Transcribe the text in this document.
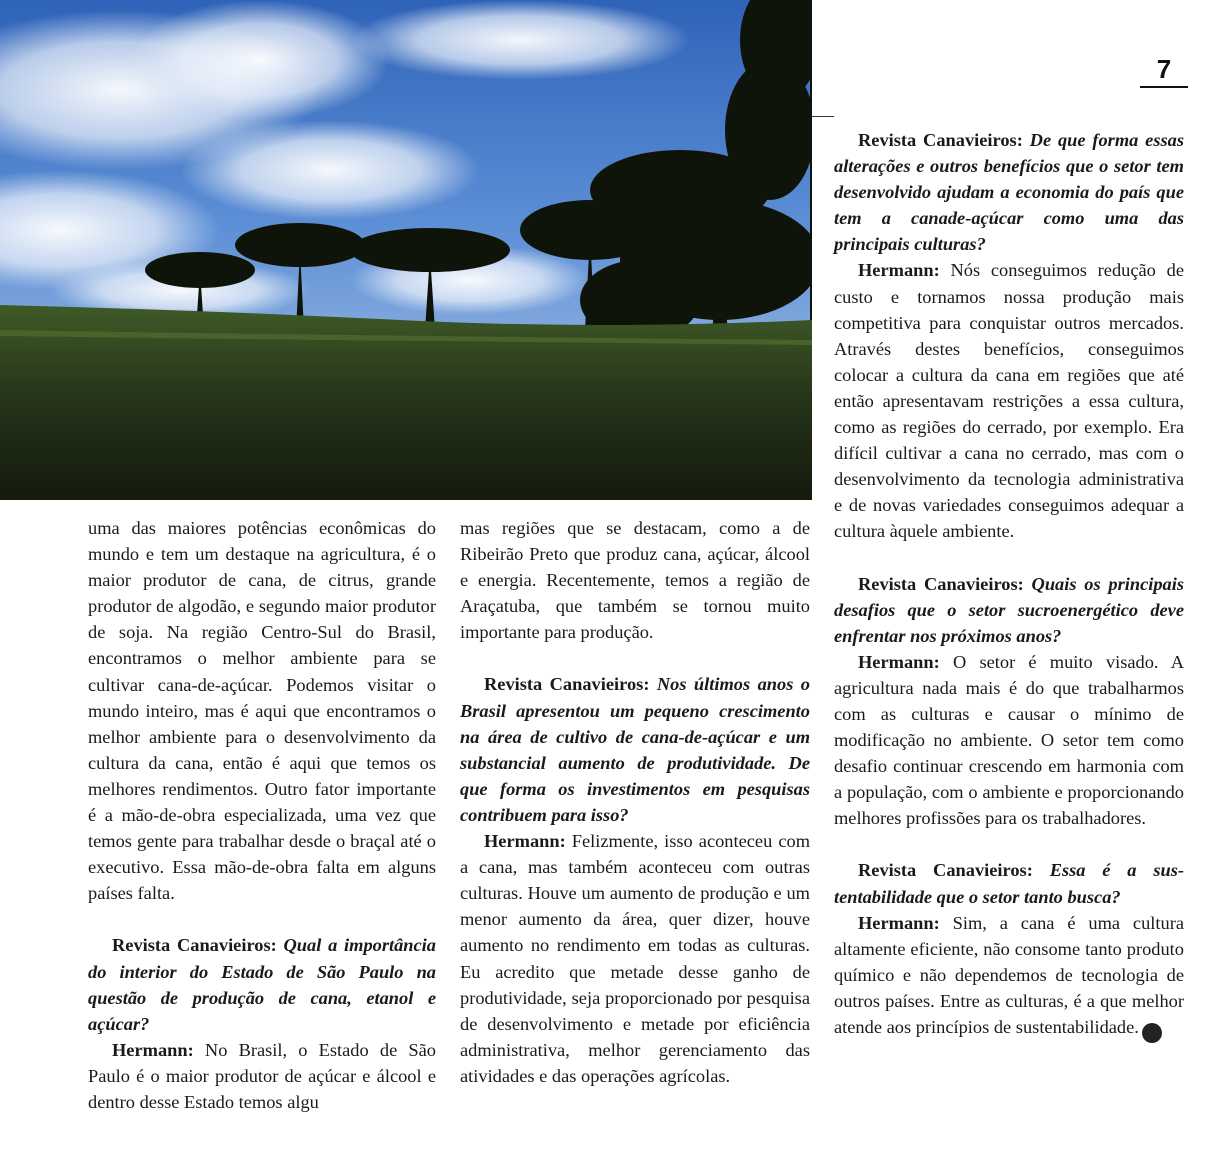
7

uma das maiores potências econômicas do mundo e tem um destaque na agricultura, é o maior produtor de cana, de citrus, grande produtor de algodão, e segundo maior produtor de soja. Na região Centro-Sul do Brasil, encontramos o melhor ambiente para se cultivar cana-de-açúcar. Podemos visitar o mundo inteiro, mas é aqui que encontramos o melhor ambiente para o desenvolvimento da cultura da cana, então é aqui que temos os melhores rendimentos. Outro fator importante é a mão-de-obra especializada, uma vez que temos gente para trabalhar desde o braçal até o executivo. Essa mão-de-obra falta em alguns países falta.

Revista Canavieiros: Qual a importância do interior do Estado de São Paulo na questão de produção de cana, etanol e açúcar?

Hermann: No Brasil, o Estado de São Paulo é o maior produtor de açúcar e álcool e dentro desse Estado temos algu

mas regiões que se destacam, como a de Ribeirão Preto que produz cana, açúcar, álcool e energia. Recentemente, temos a região de Araçatuba, que também se tornou muito importante para produção.

Revista Canavieiros: Nos últimos anos o Brasil apresentou um pequeno crescimento na área de cultivo de cana-de-açúcar e um substancial aumento de produtividade. De que forma os investimentos em pesquisas contribuem para isso?

Hermann: Felizmente, isso aconteceu com a cana, mas também aconteceu com outras culturas. Houve um aumento de produção e um menor aumento da área, quer dizer, houve aumento no rendimento em todas as culturas. Eu acredito que metade desse ganho de produtividade, seja proporcionado por pesquisa de desenvolvimento e metade por eficiência administrativa, melhor gerenciamento das atividades e das operações agrícolas.

Revista Canavieiros: De que forma essas alterações e outros benefícios que o setor tem desenvolvido ajudam a economia do país que tem a canade-açúcar como uma das principais culturas?

Hermann: Nós conseguimos redução de custo e tornamos nossa produção mais competitiva para conquistar outros mercados. Através destes benefícios, conseguimos colocar a cultura da cana em regiões que até então apresentavam restrições a essa cultura, como as regiões do cerrado, por exemplo. Era difícil cultivar a cana no cerrado, mas com o desenvolvimento da tecnologia administrativa e de novas variedades conseguimos adequar a cultura àquele ambiente.

Revista Canavieiros: Quais os principais desafios que o setor sucroenergético deve enfrentar nos próximos anos?

Hermann: O setor é muito visado. A agricultura nada mais é do que trabalharmos com as culturas e causar o mínimo de modificação no ambiente. O setor tem como desafio continuar crescendo em harmonia com a população, com o ambiente e proporcionando melhores profissões para os trabalhadores.

Revista Canavieiros: Essa é a sustentabilidade que o setor tanto busca?

Hermann: Sim, a cana é uma cultura altamente eficiente, não consome tanto produto químico e não dependemos de tecnologia de outros países. Entre as culturas, é a que melhor atende aos princípios de sustentabilidade.	rc
